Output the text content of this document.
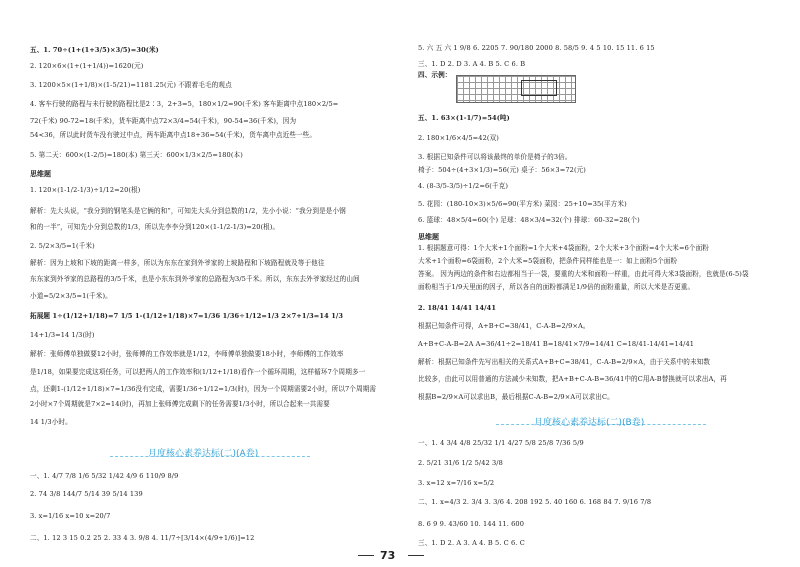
五、1. 70÷(1+(1+3/5)×3/5)=30(米)
2. 120×6×(1+(1+1/4))=1620(元)
3. 1200×5×(1+1/8)×(1-5/21)=1181.25(元) 不跟着毛毛的观点
4. 客车行驶的路程与未行驶的路程比是2∶3，2+3=5，180×1/2=90(千米) 客车距离中点180×2/5=
72(千米) 90-72=18(千米)，货车距离中点72×3/4=54(千米)，90-54=36(千米)，因为
54<36，所以此时货车没有驶过中点，两车距离中点18+36=54(千米)，货车离中点近些一些。
5. 第二天：600×(1-2/5)=180(本) 第三天：600×1/3×2/5=180(本)
思维题
1. 120×(1-1/2-1/3)÷1/12=20(根)
解析：先大头说，“我分到的钢笔头是它俩的和”，可知先大头分到总数的1/2，先小小说：“我分到是是小钢
和的一半”，可知先小分到总数的1/3，所以先李李分到120×(1-1/2-1/3)=20(根)。
2. 5/2×3/5=1(千米)
解析：因为上坡和下坡的距离一样多，所以为东东在家到外爷家的上坡路程和下坡路程就及等于他往
东东家到外爷家的总路程的3/5千米，也是小东东到外爷家的总路程为3/5千米。所以，东东去外爷家经过的山间
小道=5/2×3/5=1(千米)。
拓展题 1÷(1/12+1/18)=7 1/5 1-(1/12+1/18)×7=1/36 1/36÷1/12=1/3 2×7+1/3=14 1/3
14+1/3=14 1/3(时)
解析：张师傅单独做要12小时，张师傅的工作效率就是1/12，李师傅单独做要18小时，李师傅的工作效率
是1/18，如果要完成这项任务，可以把两人的工作效率和(1/12+1/18)看作一个循环周期，这样循环7个周期多一
点，还剩1-(1/12+1/18)×7=1/36没有完成，需要1/36÷1/12=1/3(时)，因为一个周期需要2小时，所以7个周期需
2小时×7个周期就是7×2=14(时)，再加上张师傅完成剩下的任务需要1/3小时，所以合起来一共需要
14 1/3小时。
月度核心素养达标(二)(A卷)
一、1. 4/7 7/8 1/6 5/32 1/42 4/9 6 110/9 8/9
2. 74 3/8 144/7 5/14 39 5/14 139
3. x=1/16 x=10 x=20/7
二、1. 12 3 15 0.2 25 2. 33 4 3. 9/8 4. 11/7÷[3/14×(4/9+1/6)]=12
5. 六 五 六 1 9/8 6. 2205 7. 90/180 2000 8. 58/5 9. 4 5 10. 15 11. 6 15
三、1. D 2. D 3. A 4. B 5. C 6. B
四、示例：
五、1. 63×(1-1/7)=54(吨)
2. 180×1/6×4/5=42(双)
3. 根据已知条件可以将该最终的单价是椅子的3倍。
椅子：504÷(4+3×1/3)=56(元) 桌子：56×3=72(元)
4. (8-3/5-3/5)÷1/2=6(千克)
5. 花园：(180-10×3)×5/6=90(平方米) 菜园：25+10=35(平方米)
6. 篮球：48×5/4=60(个) 足球：48×3/4=32(个) 排球：60-32=28(个)
思维题
1. 根据题意可得：1个大米+1个面粉=1个大米+4袋面粉，2个大米+3个面粉=4个大米=6个面粉
大米+1个面粉=6袋面粉，2个大米=5袋面粉，把条件同样能也是一：如上面粉5个面粉
答案。 因为两边的条件和右边都相当于一袋，要重的大米和面粉一样重，由此可得大米3袋面粉，也就是(6-5)袋
面粉相当于1/9天里面的因子，所以各自的面粉都满足1/9倍的面粉重量，所以大米是否更重。
2. 18/41 14/41 14/41
根据已知条件可得，A+B+C=38/41，C-A-B=2/9×A。
A+B+C-A-B=2A A=36/41÷2=18/41 B=18/41×7/9=14/41 C=18/41-14/41=14/41
解析：根据已知条件先写出相关的关系式A+B+C=38/41，C-A-B=2/9×A，由于关系中的未知数
比较多，由此可以用普通的方法减少未知数，把A+B+C-A-B=36/41中的C用A-B替换就可以求出A，再
根据B=2/9×A可以求出B，最后根据C-A-B=2/9×A可以求出C。
月度核心素养达标(二)(B卷)
一、1. 4 3/4 4/8 25/32 1/1 4/27 5/8 25/8 7/36 5/9
2. 5/21 31/6 1/2 5/42 3/8
3. x=12 x=7/16 x=5/2
二、1. x=4/3 2. 3/4 3. 3/6 4. 208 192 5. 40 160 6. 168 84 7. 9/16 7/8
8. 6 9 9. 43/60 10. 144 11. 600
三、1. D 2. A 3. A 4. B 5. C 6. C
73
